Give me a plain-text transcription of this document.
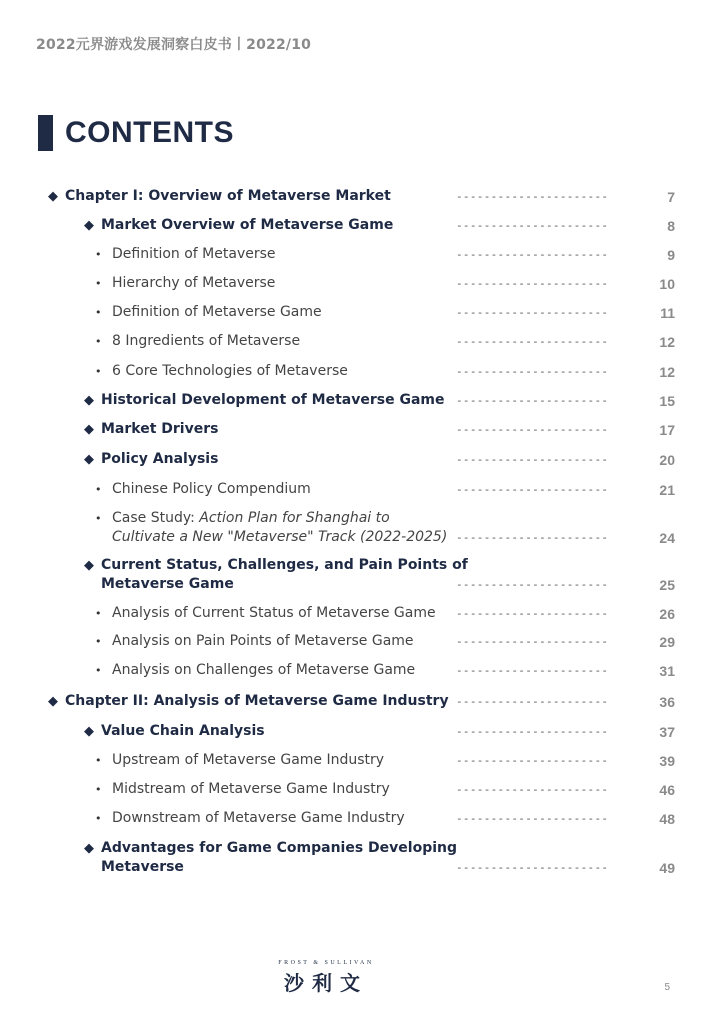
2022元界游戏发展洞察白皮书丨2022/10
CONTENTS
◆ Chapter I: Overview of Metaverse Market	----------------------	7
◆ Market Overview of Metaverse Game	----------------------	8
• Definition of Metaverse	----------------------	9
• Hierarchy of Metaverse	----------------------	10
• Definition of Metaverse Game	----------------------	11
• 8 Ingredients of Metaverse	----------------------	12
• 6 Core Technologies of Metaverse	----------------------	12
◆ Historical Development of Metaverse Game ----------------------	15
◆ Market Drivers	----------------------	17
◆ Policy Analysis	----------------------	20
• Chinese Policy Compendium	----------------------	21
• Case Study: Action Plan for Shanghai to
Cultivate a New "Metaverse" Track (2022-2025) ----------------------	24
◆ Current Status, Challenges, and Pain Points of
Metaverse Game	----------------------	25
• Analysis of Current Status of Metaverse Game ----------------------	26
• Analysis on Pain Points of Metaverse Game	----------------------	29
• Analysis on Challenges of Metaverse Game	----------------------	31
◆ Chapter II: Analysis of Metaverse Game Industry ----------------------	36
◆ Value Chain Analysis	----------------------	37
• Upstream of Metaverse Game Industry	----------------------	39
• Midstream of Metaverse Game Industry	----------------------	46
• Downstream of Metaverse Game Industry	----------------------	48
◆ Advantages for Game Companies Developing
Metaverse	----------------------	49
FROST & SULLIVAN
沙利文	5
